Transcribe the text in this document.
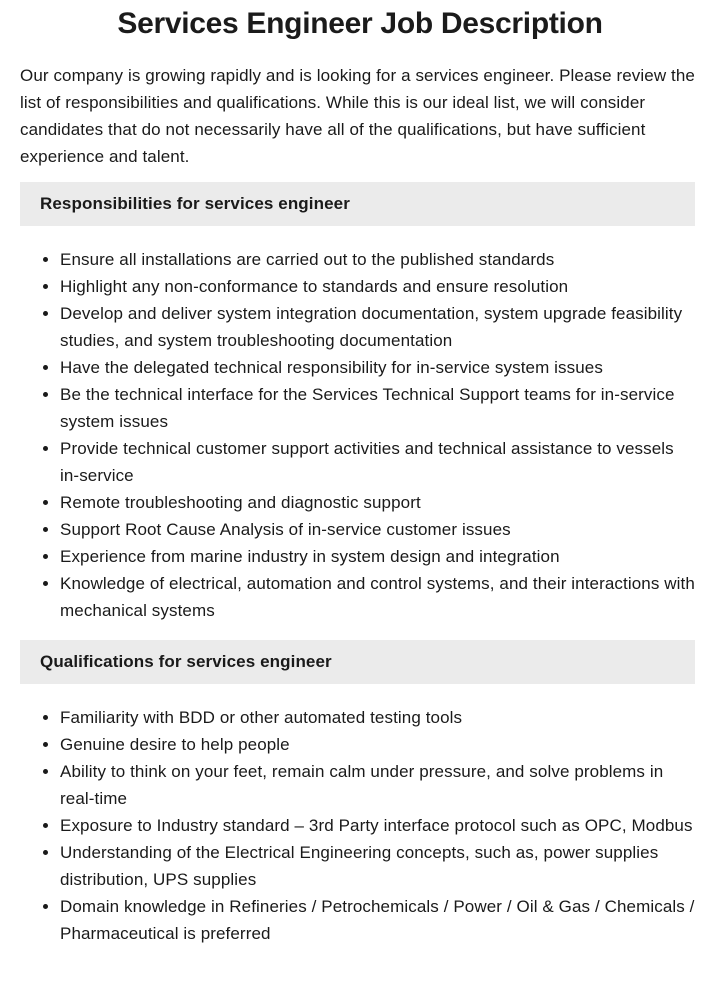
Services Engineer Job Description

Our company is growing rapidly and is looking for a services engineer. Please review the list of responsibilities and qualifications. While this is our ideal list, we will consider candidates that do not necessarily have all of the qualifications, but have sufficient experience and talent.

Responsibilities for services engineer
Ensure all installations are carried out to the published standards
Highlight any non-conformance to standards and ensure resolution
Develop and deliver system integration documentation, system upgrade feasibility studies, and system troubleshooting documentation
Have the delegated technical responsibility for in-service system issues
Be the technical interface for the Services Technical Support teams for in-service system issues
Provide technical customer support activities and technical assistance to vessels in-service
Remote troubleshooting and diagnostic support
Support Root Cause Analysis of in-service customer issues
Experience from marine industry in system design and integration
Knowledge of electrical, automation and control systems, and their interactions with mechanical systems
Qualifications for services engineer
Familiarity with BDD or other automated testing tools
Genuine desire to help people
Ability to think on your feet, remain calm under pressure, and solve problems in real-time
Exposure to Industry standard – 3rd Party interface protocol such as OPC, Modbus
Understanding of the Electrical Engineering concepts, such as, power supplies distribution, UPS supplies
Domain knowledge in Refineries / Petrochemicals / Power / Oil & Gas / Chemicals / Pharmaceutical is preferred
